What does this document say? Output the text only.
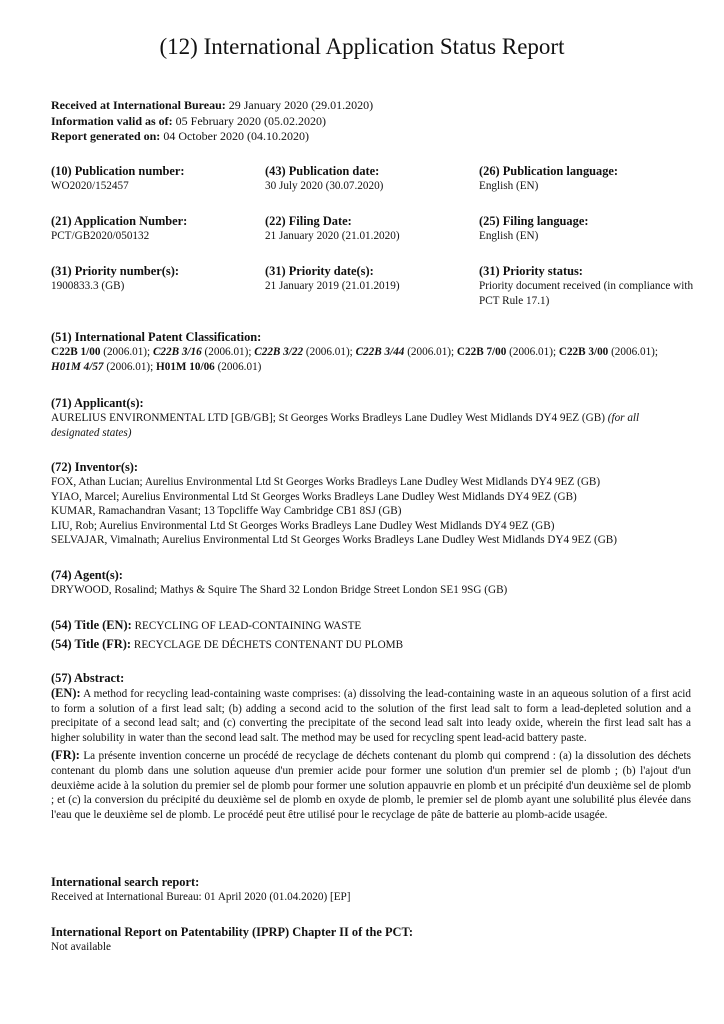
(12) International Application Status Report
Received at International Bureau: 29 January 2020 (29.01.2020)
Information valid as of: 05 February 2020 (05.02.2020)
Report generated on: 04 October 2020 (04.10.2020)
(10) Publication number:
WO2020/152457
(43) Publication date:
30 July 2020 (30.07.2020)
(26) Publication language:
English (EN)
(21) Application Number:
PCT/GB2020/050132
(22) Filing Date:
21 January 2020 (21.01.2020)
(25) Filing language:
English (EN)
(31) Priority number(s):
1900833.3 (GB)
(31) Priority date(s):
21 January 2019 (21.01.2019)
(31) Priority status:
Priority document received (in compliance with PCT Rule 17.1)
(51) International Patent Classification:
C22B 1/00 (2006.01); C22B 3/16 (2006.01); C22B 3/22 (2006.01); C22B 3/44 (2006.01); C22B 7/00 (2006.01); C22B 3/00 (2006.01); H01M 4/57 (2006.01); H01M 10/06 (2006.01)
(71) Applicant(s):
AURELIUS ENVIRONMENTAL LTD [GB/GB]; St Georges Works Bradleys Lane Dudley West Midlands DY4 9EZ (GB) (for all designated states)
(72) Inventor(s):
FOX, Athan Lucian; Aurelius Environmental Ltd St Georges Works Bradleys Lane Dudley West Midlands DY4 9EZ (GB)
YIAO, Marcel; Aurelius Environmental Ltd St Georges Works Bradleys Lane Dudley West Midlands DY4 9EZ (GB)
KUMAR, Ramachandran Vasant; 13 Topcliffe Way Cambridge CB1 8SJ (GB)
LIU, Rob; Aurelius Environmental Ltd St Georges Works Bradleys Lane Dudley West Midlands DY4 9EZ (GB)
SELVAJAR, Vimalnath; Aurelius Environmental Ltd St Georges Works Bradleys Lane Dudley West Midlands DY4 9EZ (GB)
(74) Agent(s):
DRYWOOD, Rosalind; Mathys & Squire The Shard 32 London Bridge Street London SE1 9SG (GB)
(54) Title (EN): RECYCLING OF LEAD-CONTAINING WASTE
(54) Title (FR): RECYCLAGE DE DÉCHETS CONTENANT DU PLOMB
(57) Abstract:
(EN): A method for recycling lead-containing waste comprises: (a) dissolving the lead-containing waste in an aqueous solution of a first acid to form a solution of a first lead salt; (b) adding a second acid to the solution of the first lead salt to form a lead-depleted solution and a precipitate of a second lead salt; and (c) converting the precipitate of the second lead salt into leady oxide, wherein the first lead salt has a higher solubility in water than the second lead salt. The method may be used for recycling spent lead-acid battery paste.
(FR): La présente invention concerne un procédé de recyclage de déchets contenant du plomb qui comprend : (a) la dissolution des déchets contenant du plomb dans une solution aqueuse d'un premier acide pour former une solution d'un premier sel de plomb ; (b) l'ajout d'un deuxième acide à la solution du premier sel de plomb pour former une solution appauvrie en plomb et un précipité d'un deuxième sel de plomb ; et (c) la conversion du précipité du deuxième sel de plomb en oxyde de plomb, le premier sel de plomb ayant une solubilité plus élevée dans l'eau que le deuxième sel de plomb. Le procédé peut être utilisé pour le recyclage de pâte de batterie au plomb-acide usagée.
International search report:
Received at International Bureau: 01 April 2020 (01.04.2020) [EP]
International Report on Patentability (IPRP) Chapter II of the PCT:
Not available
